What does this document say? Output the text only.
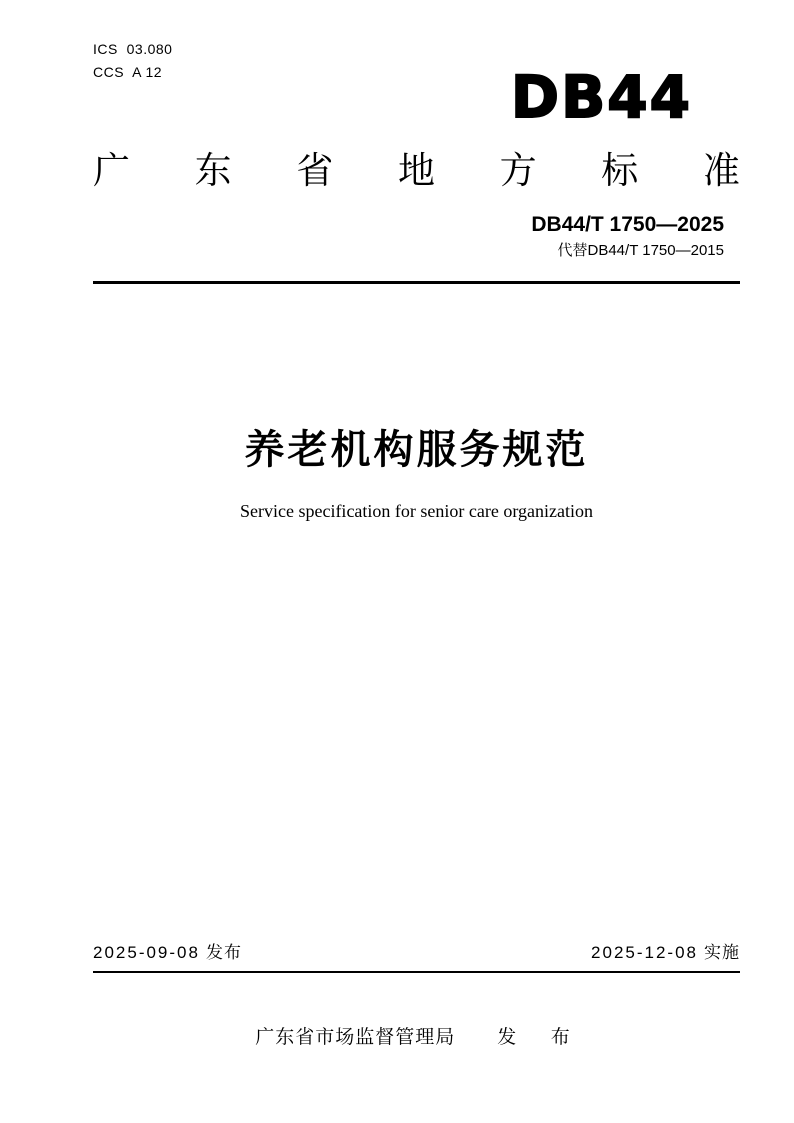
ICS  03.080
CCS  A 12	DB44
广 东 省 地 方 标 准
DB44/T 1750—2025
代替DB44/T 1750—2015
养老机构服务规范
Service specification for senior care organization
2025-09-08 发布	2025-12-08 实施
广东省市场监督管理局 发  布
